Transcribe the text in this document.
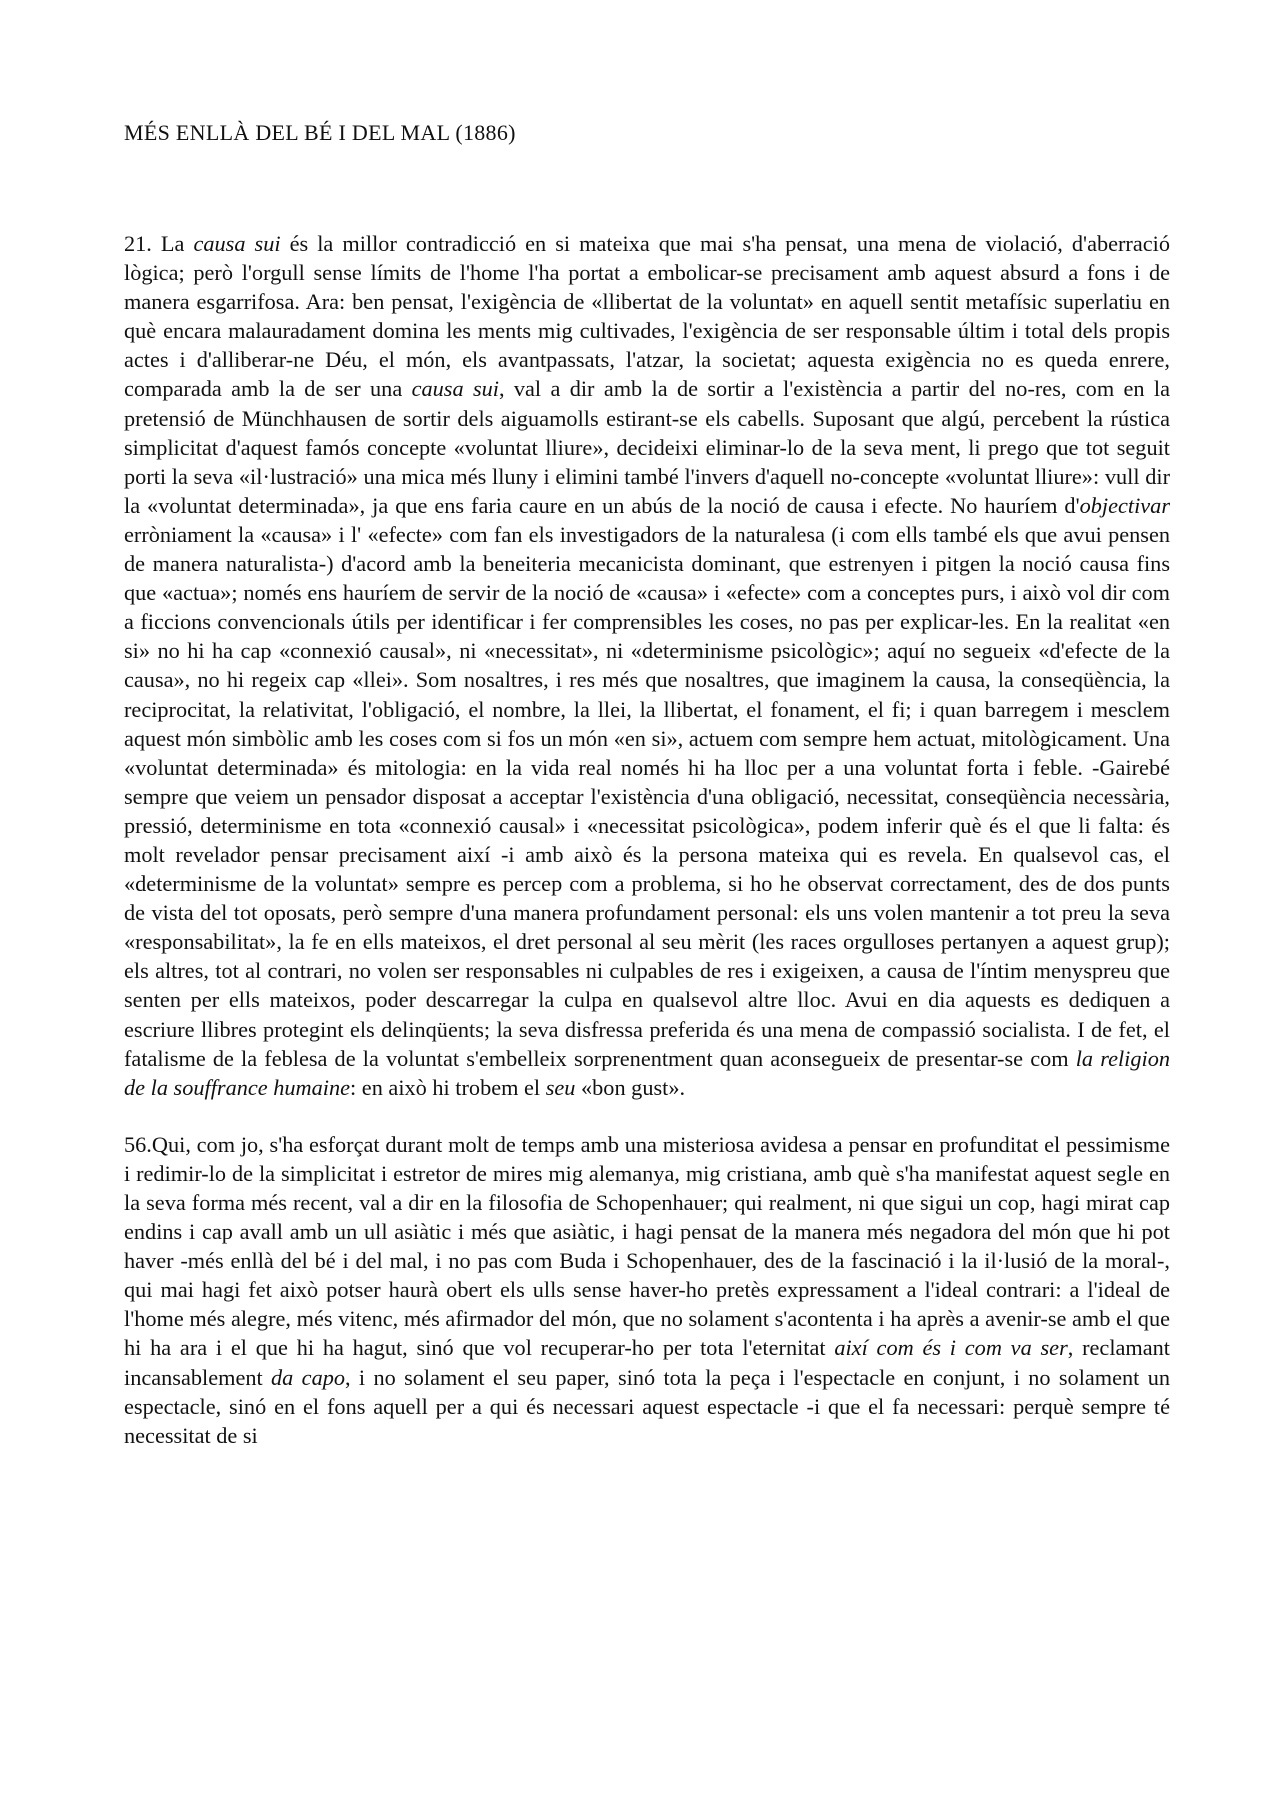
MÉS ENLLÀ DEL BÉ I DEL MAL (1886)

21. La causa sui és la millor contradicció en si mateixa que mai s'ha pensat, una mena de violació, d'aberració lògica; però l'orgull sense límits de l'home l'ha portat a embolicar-se precisament amb aquest absurd a fons i de manera esgarrifosa. Ara: ben pensat, l'exigència de «llibertat de la voluntat» en aquell sentit metafísic superlatiu en què encara malauradament domina les ments mig cultivades, l'exigència de ser responsable últim i total dels propis actes i d'alliberar-ne Déu, el món, els avantpassats, l'atzar, la societat; aquesta exigència no es queda enrere, comparada amb la de ser una causa sui, val a dir amb la de sortir a l'existència a partir del no-res, com en la pretensió de Münchhausen de sortir dels aiguamolls estirant-se els cabells. Suposant que algú, percebent la rústica simplicitat d'aquest famós concepte «voluntat lliure», decideixi eliminar-lo de la seva ment, li prego que tot seguit porti la seva «il·lustració» una mica més lluny i elimini també l'invers d'aquell no-concepte «voluntat lliure»: vull dir la «voluntat determinada», ja que ens faria caure en un abús de la noció de causa i efecte. No hauríem d'objectivar erròniament la «causa» i l' «efecte» com fan els investigadors de la naturalesa (i com ells també els que avui pensen de manera naturalista-) d'acord amb la beneiteria mecanicista dominant, que estrenyen i pitgen la noció causa fins que «actua»; només ens hauríem de servir de la noció de «causa» i «efecte» com a conceptes purs, i això vol dir com a ficcions convencionals útils per identificar i fer comprensibles les coses, no pas per explicar-les. En la realitat «en si» no hi ha cap «connexió causal», ni «necessitat», ni «determinisme psicològic»; aquí no segueix «d'efecte de la causa», no hi regeix cap «llei». Som nosaltres, i res més que nosaltres, que imaginem la causa, la conseqüència, la reciprocitat, la relativitat, l'obligació, el nombre, la llei, la llibertat, el fonament, el fi; i quan barregem i mesclem aquest món simbòlic amb les coses com si fos un món «en si», actuem com sempre hem actuat, mitològicament. Una «voluntat determinada» és mitologia: en la vida real només hi ha lloc per a una voluntat forta i feble. -Gairebé sempre que veiem un pensador disposat a acceptar l'existència d'una obligació, necessitat, conseqüència necessària, pressió, determinisme en tota «connexió causal» i «necessitat psicològica», podem inferir què és el que li falta: és molt revelador pensar precisament així -i amb això és la persona mateixa qui es revela. En qualsevol cas, el «determinisme de la voluntat» sempre es percep com a problema, si ho he observat correctament, des de dos punts de vista del tot oposats, però sempre d'una manera profundament personal: els uns volen mantenir a tot preu la seva «responsabilitat», la fe en ells mateixos, el dret personal al seu mèrit (les races orgulloses pertanyen a aquest grup); els altres, tot al contrari, no volen ser responsables ni culpables de res i exigeixen, a causa de l'íntim menyspreu que senten per ells mateixos, poder descarregar la culpa en qualsevol altre lloc. Avui en dia aquests es dediquen a escriure llibres protegint els delinqüents; la seva disfressa preferida és una mena de compassió socialista. I de fet, el fatalisme de la feblesa de la voluntat s'embelleix sorprenentment quan aconsegueix de presentar-se com la religion de la souffrance humaine: en això hi trobem el seu «bon gust».

56.Qui, com jo, s'ha esforçat durant molt de temps amb una misteriosa avidesa a pensar en profunditat el pessimisme i redimir-lo de la simplicitat i estretor de mires mig alemanya, mig cristiana, amb què s'ha manifestat aquest segle en la seva forma més recent, val a dir en la filosofia de Schopenhauer; qui realment, ni que sigui un cop, hagi mirat cap endins i cap avall amb un ull asiàtic i més que asiàtic, i hagi pensat de la manera més negadora del món que hi pot haver -més enllà del bé i del mal, i no pas com Buda i Schopenhauer, des de la fascinació i la il·lusió de la moral-, qui mai hagi fet això potser haurà obert els ulls sense haver-ho pretès expressament a l'ideal contrari: a l'ideal de l'home més alegre, més vitenc, més afirmador del món, que no solament s'acontenta i ha après a avenir-se amb el que hi ha ara i el que hi ha hagut, sinó que vol recuperar-ho per tota l'eternitat així com és i com va ser, reclamant incansablement da capo, i no solament el seu paper, sinó tota la peça i l'espectacle en conjunt, i no solament un espectacle, sinó en el fons aquell per a qui és necessari aquest espectacle -i que el fa necessari: perquè sempre té necessitat de si
